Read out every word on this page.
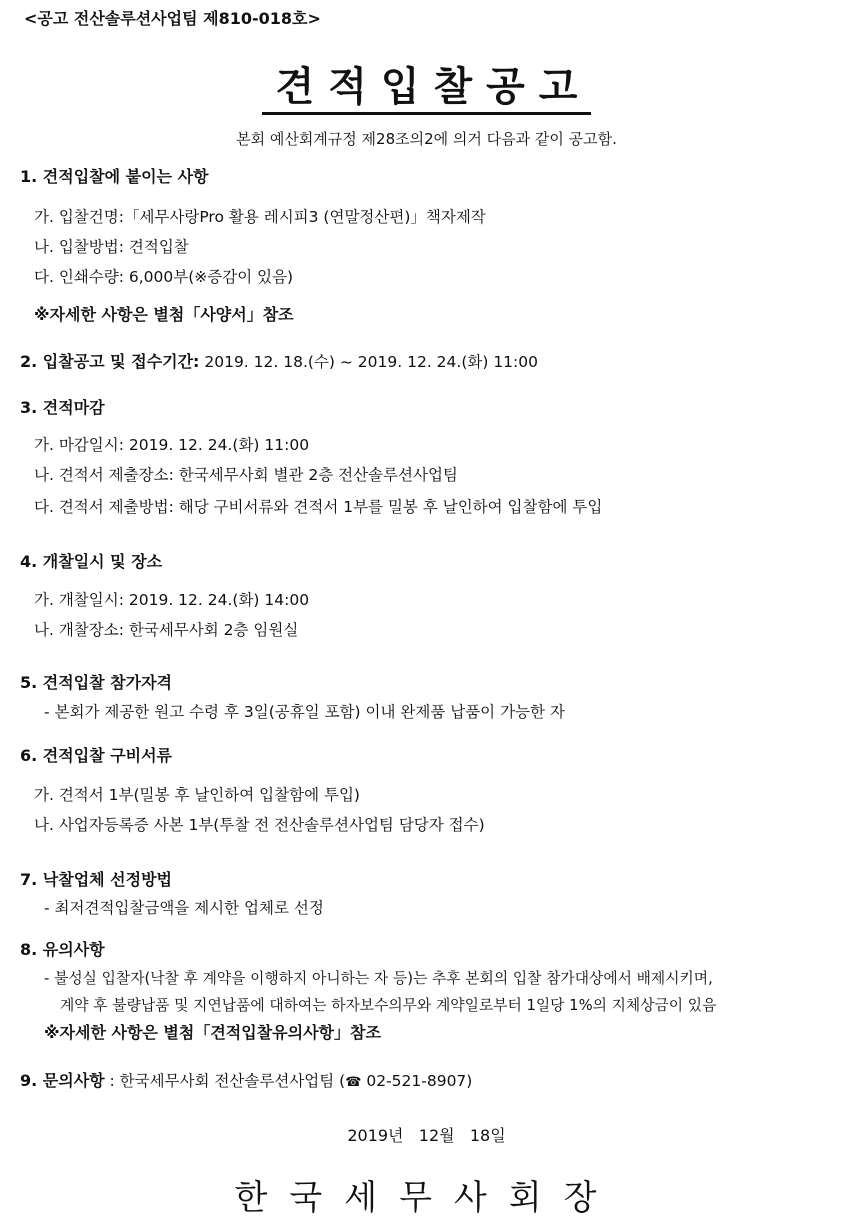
<공고 전산솔루션사업팀 제810-018호>
견적입찰공고
본회 예산회계규정 제28조의2에 의거 다음과 같이 공고함.
1. 견적입찰에 붙이는 사항
가. 입찰건명:「세무사랑Pro 활용 레시피3 (연말정산편)」책자제작
나. 입찰방법: 견적입찰
다. 인쇄수량: 6,000부(※증감이 있음)
※자세한 사항은 별첨「사양서」참조
2. 입찰공고 및 접수기간: 2019. 12. 18.(수) ~ 2019. 12. 24.(화) 11:00
3. 견적마감
가. 마감일시: 2019. 12. 24.(화) 11:00
나. 견적서 제출장소: 한국세무사회 별관 2층 전산솔루션사업팀
다. 견적서 제출방법: 해당 구비서류와 견적서 1부를 밀봉 후 날인하여 입찰함에 투입
4. 개찰일시 및 장소
가. 개찰일시: 2019. 12. 24.(화) 14:00
나. 개찰장소: 한국세무사회 2층 임원실
5. 견적입찰 참가자격
- 본회가 제공한 원고 수령 후 3일(공휴일 포함) 이내 완제품 납품이 가능한 자
6. 견적입찰 구비서류
가. 견적서 1부(밀봉 후 날인하여 입찰함에 투입)
나. 사업자등록증 사본 1부(투찰 전 전산솔루션사업팀 담당자 접수)
7. 낙찰업체 선정방법
- 최저견적입찰금액을 제시한 업체로 선정
8. 유의사항
- 불성실 입찰자(낙찰 후 계약을 이행하지 아니하는 자 등)는 추후 본회의 입찰 참가대상에서 배제시키며,
계약 후 불량납품 및 지연납품에 대하여는 하자보수의무와 계약일로부터 1일당 1%의 지체상금이 있음
※자세한 사항은 별첨「견적입찰유의사항」참조
9. 문의사항 : 한국세무사회 전산솔루션사업팀 (☎ 02-521-8907)
2019년   12월   18일
한국세무사회장
